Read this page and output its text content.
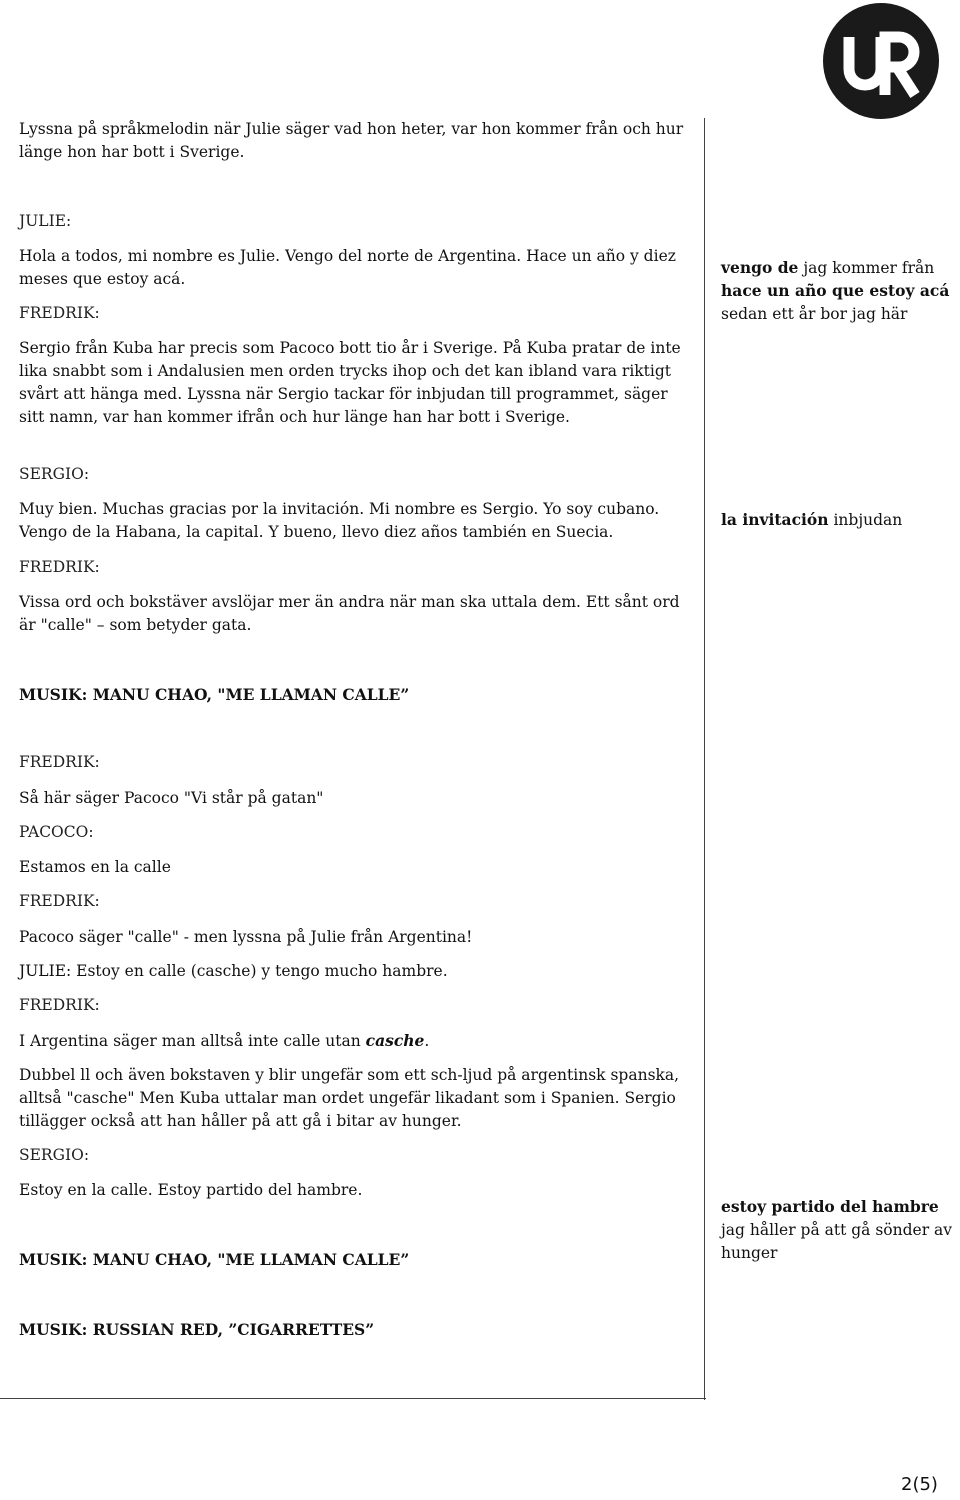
Lyssna på språkmelodin när Julie säger vad hon heter, var hon kommer från och hur länge hon har bott i Sverige.

JULIE:

Hola a todos, mi nombre es Julie. Vengo del norte de Argentina. Hace un año y diez meses que estoy acá.

FREDRIK:

Sergio från Kuba har precis som Pacoco bott tio år i Sverige. På Kuba pratar de inte lika snabbt som i Andalusien men orden trycks ihop och det kan ibland vara riktigt svårt att hänga med. Lyssna när Sergio tackar för inbjudan till programmet, säger sitt namn, var han kommer ifrån och hur länge han har bott i Sverige.

SERGIO:

Muy bien. Muchas gracias por la invitación. Mi nombre es Sergio. Yo soy cubano. Vengo de la Habana, la capital. Y bueno, llevo diez años también en Suecia.

FREDRIK:

Vissa ord och bokstäver avslöjar mer än andra när man ska uttala dem. Ett sånt ord är "calle" – som betyder gata.

MUSIK: MANU CHAO, "ME LLAMAN CALLE”

FREDRIK:

Så här säger Pacoco "Vi står på gatan"

PACOCO:

Estamos en la calle

FREDRIK:

Pacoco säger "calle" - men lyssna på Julie från Argentina!

JULIE: Estoy en calle (casche) y tengo mucho hambre.

FREDRIK:

I Argentina säger man alltså inte calle utan casche.

Dubbel ll och även bokstaven y blir ungefär som ett sch-ljud på argentinsk spanska, alltså "casche" Men Kuba uttalar man ordet ungefär likadant som i Spanien. Sergio tillägger också att han håller på att gå i bitar av hunger.

SERGIO:

Estoy en la calle. Estoy partido del hambre.

MUSIK: MANU CHAO, "ME LLAMAN CALLE”

MUSIK: RUSSIAN RED, ”CIGARRETTES”

vengo de jag kommer från

hace un año que estoy acá
sedan ett år bor jag här

la invitación inbjudan

estoy partido del hambre
jag håller på att gå sönder av hunger

2(5)
